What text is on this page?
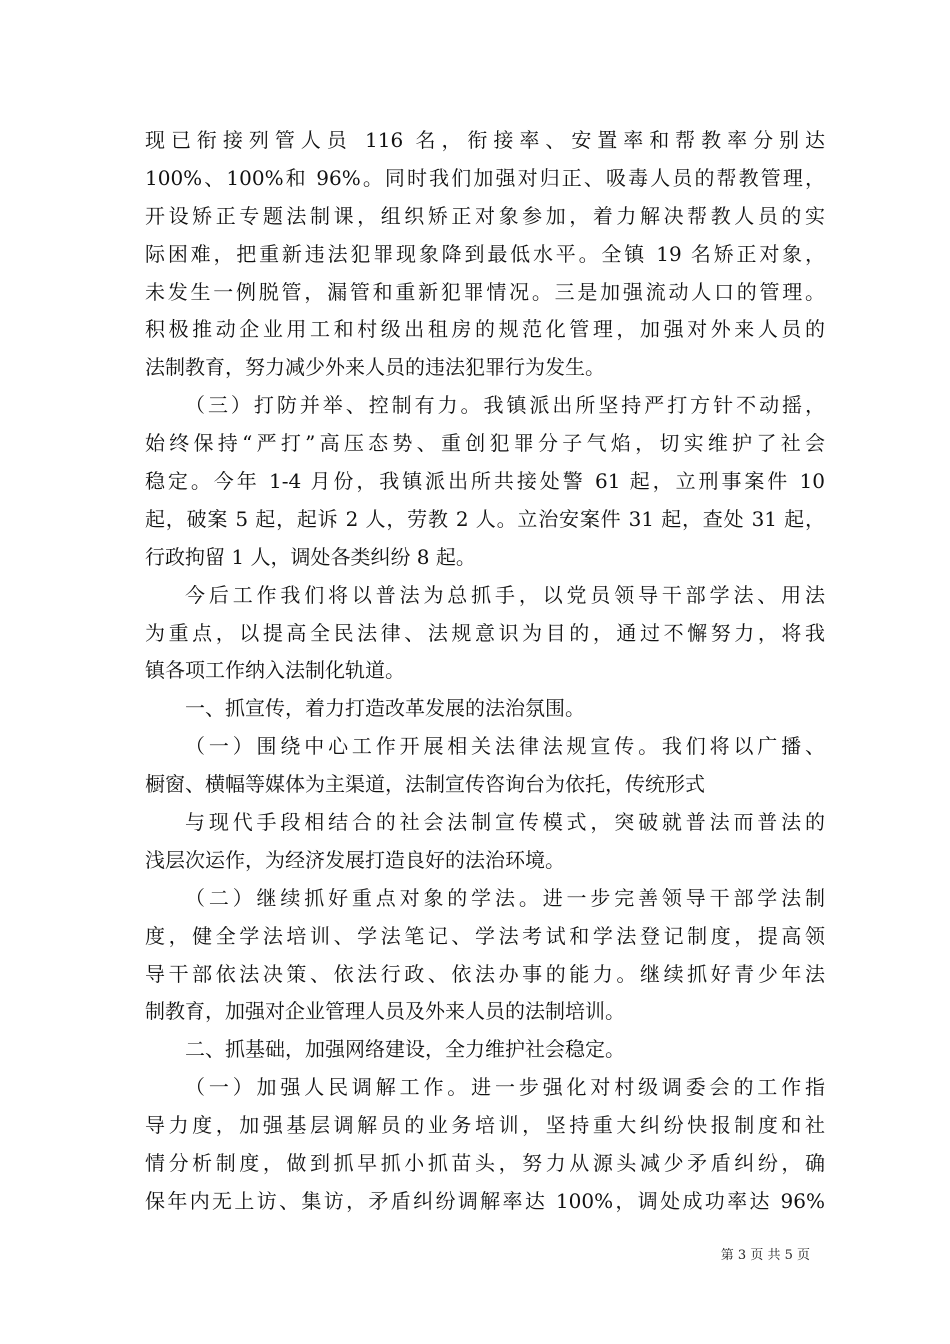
现已衔接列管人员 116 名，衔接率、安置率和帮教率分别达
100%、100%和 96%。同时我们加强对归正、吸毒人员的帮教管理，
开设矫正专题法制课，组织矫正对象参加，着力解决帮教人员的实
际困难，把重新违法犯罪现象降到最低水平。全镇 19 名矫正对象，
未发生一例脱管，漏管和重新犯罪情况。三是加强流动人口的管理。
积极推动企业用工和村级出租房的规范化管理，加强对外来人员的
法制教育，努力减少外来人员的违法犯罪行为发生。
（三）打防并举、控制有力。我镇派出所坚持严打方针不动摇，
始终保持“严打”高压态势、重创犯罪分子气焰，切实维护了社会
稳定。今年 1-4 月份，我镇派出所共接处警 61 起，立刑事案件 10
起，破案 5 起，起诉 2 人，劳教 2 人。立治安案件 31 起，查处 31 起，
行政拘留 1 人，调处各类纠纷 8 起。
今后工作我们将以普法为总抓手，以党员领导干部学法、用法
为重点，以提高全民法律、法规意识为目的，通过不懈努力，将我
镇各项工作纳入法制化轨道。
一、抓宣传，着力打造改革发展的法治氛围。
（一）围绕中心工作开展相关法律法规宣传。我们将以广播、
橱窗、横幅等媒体为主渠道，法制宣传咨询台为依托，传统形式
与现代手段相结合的社会法制宣传模式，突破就普法而普法的
浅层次运作，为经济发展打造良好的法治环境。
（二）继续抓好重点对象的学法。进一步完善领导干部学法制
度，健全学法培训、学法笔记、学法考试和学法登记制度，提高领
导干部依法决策、依法行政、依法办事的能力。继续抓好青少年法
制教育，加强对企业管理人员及外来人员的法制培训。
二、抓基础，加强网络建设，全力维护社会稳定。
（一）加强人民调解工作。进一步强化对村级调委会的工作指
导力度，加强基层调解员的业务培训，坚持重大纠纷快报制度和社
情分析制度，做到抓早抓小抓苗头，努力从源头减少矛盾纠纷，确
保年内无上访、集访，矛盾纠纷调解率达 100%，调处成功率达 96%
第 3 页 共 5 页
